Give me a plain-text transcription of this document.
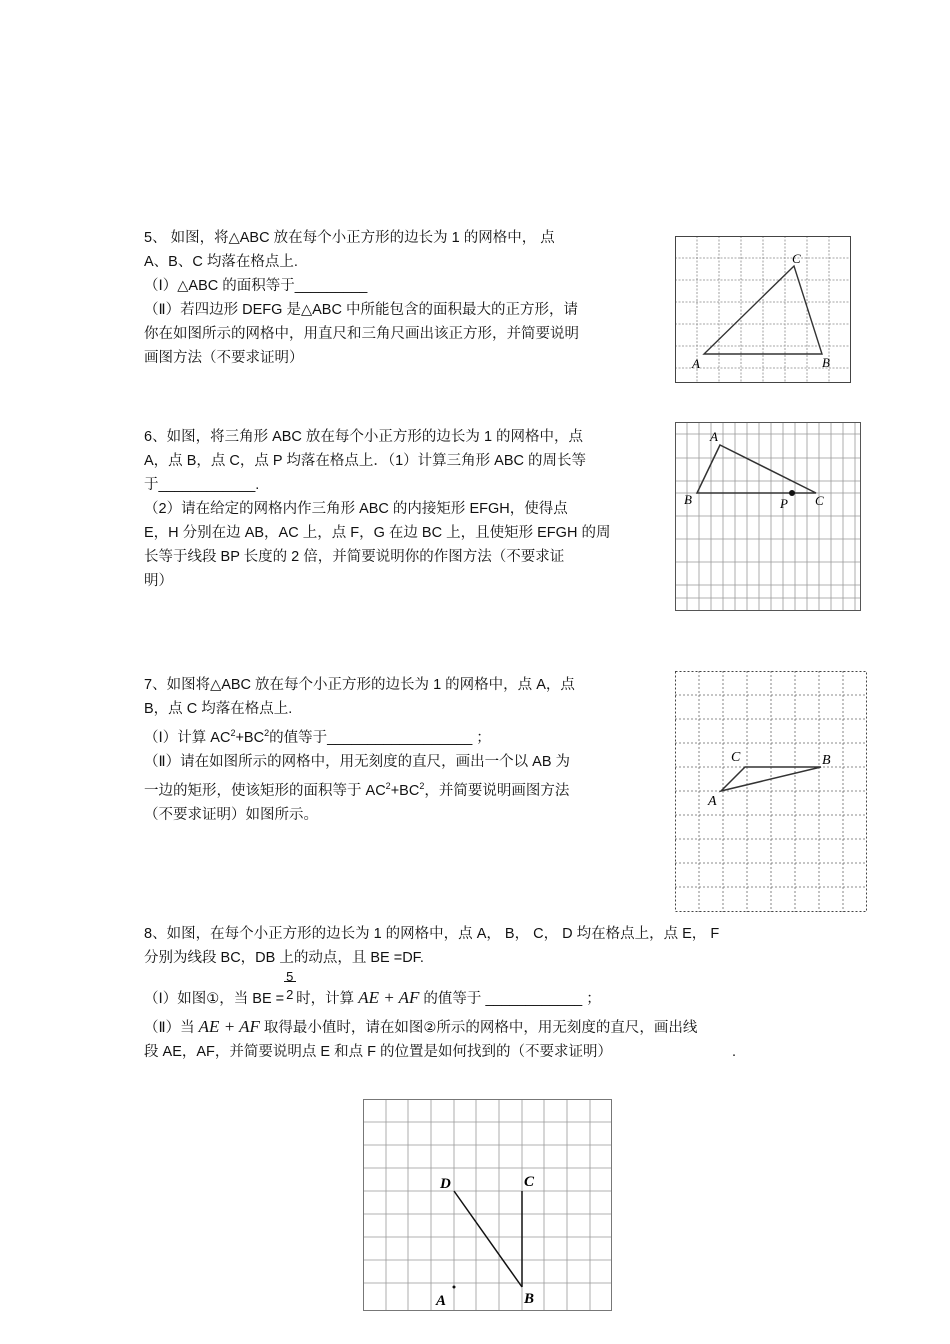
5、 如图，将△ABC 放在每个小正方形的边长为 1 的网格中， 点

A、B、C 均落在格点上.

（Ⅰ）△ABC 的面积等于_________

（Ⅱ）若四边形 DEFG 是△ABC 中所能包含的面积最大的正方形，请

你在如图所示的网格中，用直尺和三角尺画出该正方形，并简要说明

画图方法（不要求证明）	A	B
C

6、如图，将三角形 ABC 放在每个小正方形的边长为 1 的网格中，点

A，点 B，点 C，点 P 均落在格点上．（1）计算三角形 ABC 的周长等

于____________.

（2）请在给定的网格内作三角形 ABC 的内接矩形 EFGH，使得点

E，H 分别在边 AB，AC 上，点 F，G 在边 BC 上，且使矩形 EFGH 的周

长等于线段 BP 长度的 2 倍，并简要说明你的作图方法（不要求证

明）

A
B	C
P

7、如图将△ABC 放在每个小正方形的边长为 1 的网格中，点 A，点

B，点 C 均落在格点上.

（Ⅰ）计算 $AC^2+BC^2$的值等于__________________ ；

（Ⅱ）请在如图所示的网格中，用无刻度的直尺，画出一个以 AB 为

一边的矩形，使该矩形的面积等于 $AC^2+BC^2$，并简要说明画图方法

（不要求证明）如图所示。

A
B
C

8、如图，在每个小正方形的边长为 1 的网格中，点 A， B， C， D 均在格点上，点 E， F

分别为线段 BC，DB 上的动点，且 BE =DF.

（Ⅰ）如图①，当 BE = $\frac{5}{2}$ 时，计算 AE + AF 的值等于 ____________ ；

（Ⅱ）当 AE + AF 取得最小值时，请在如图②所示的网格中，用无刻度的直尺，画出线

段 AE，AF，并简要说明点 E 和点 F 的位置是如何找到的（不要求证明）	.

D	C
A	B
